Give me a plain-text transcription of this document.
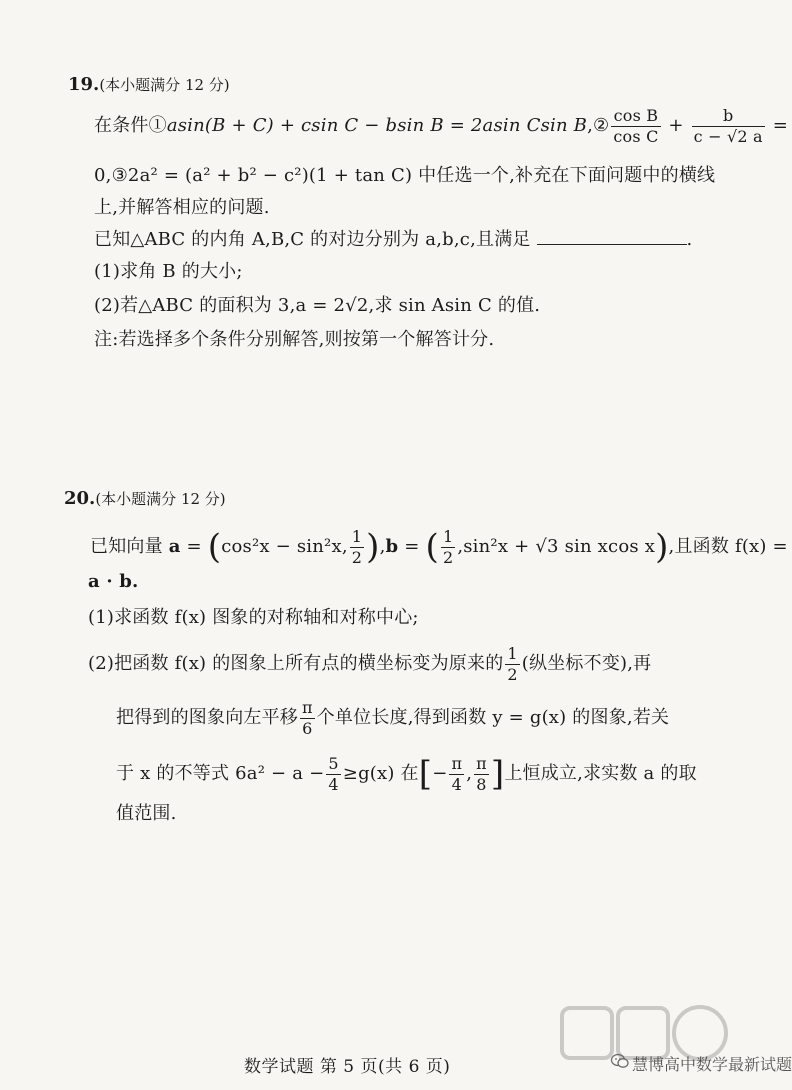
19.(本小题满分 12 分)
在条件①asin(B + C) + csin C − bsin B = 2asin Csin B,② $\frac{\text{cos B}}{\text{cos C}} + \frac{b}{c - √2 a}$ =
0,③2a² = (a² + b² − c²)(1 + tan C) 中任选一个,补充在下面问题中的横线
上,并解答相应的问题.
已知△ABC 的内角 A,B,C 的对边分别为 a,b,c,且满足	.
(1)求角 B 的大小;
(2)若△ABC 的面积为 3,a = 2√2,求 sin Asin C 的值.
注:若选择多个条件分别解答,则按第一个解答计分.
20.(本小题满分 12 分)
已知向量 a = (cos²x − sin²x, $\frac{1}{2} ),b$ = ( $\frac{1}{2} ,\sin^2x + √3$ sin xcos x),且函数 f(x) =
a · b.
(1)求函数 f(x) 图象的对称轴和对称中心;
(2)把函数 f(x) 的图象上所有点的横坐标变为原来的 $\frac{1}{2}$ (纵坐标不变),再
把得到的图象向左平移 $\frac{\pi}{6}$ 个单位长度,得到函数 y = g(x) 的图象,若关
于 x 的不等式 $6a^2 - a - \frac{5}{4} \ge g(x)$ 在[− $\frac{\pi}{4}$ , $\frac{\pi}{8}$ ]上恒成立,求实数 a 的取
值范围.
数学试题 第 5 页(共 6 页)	慧博高中数学最新试题
